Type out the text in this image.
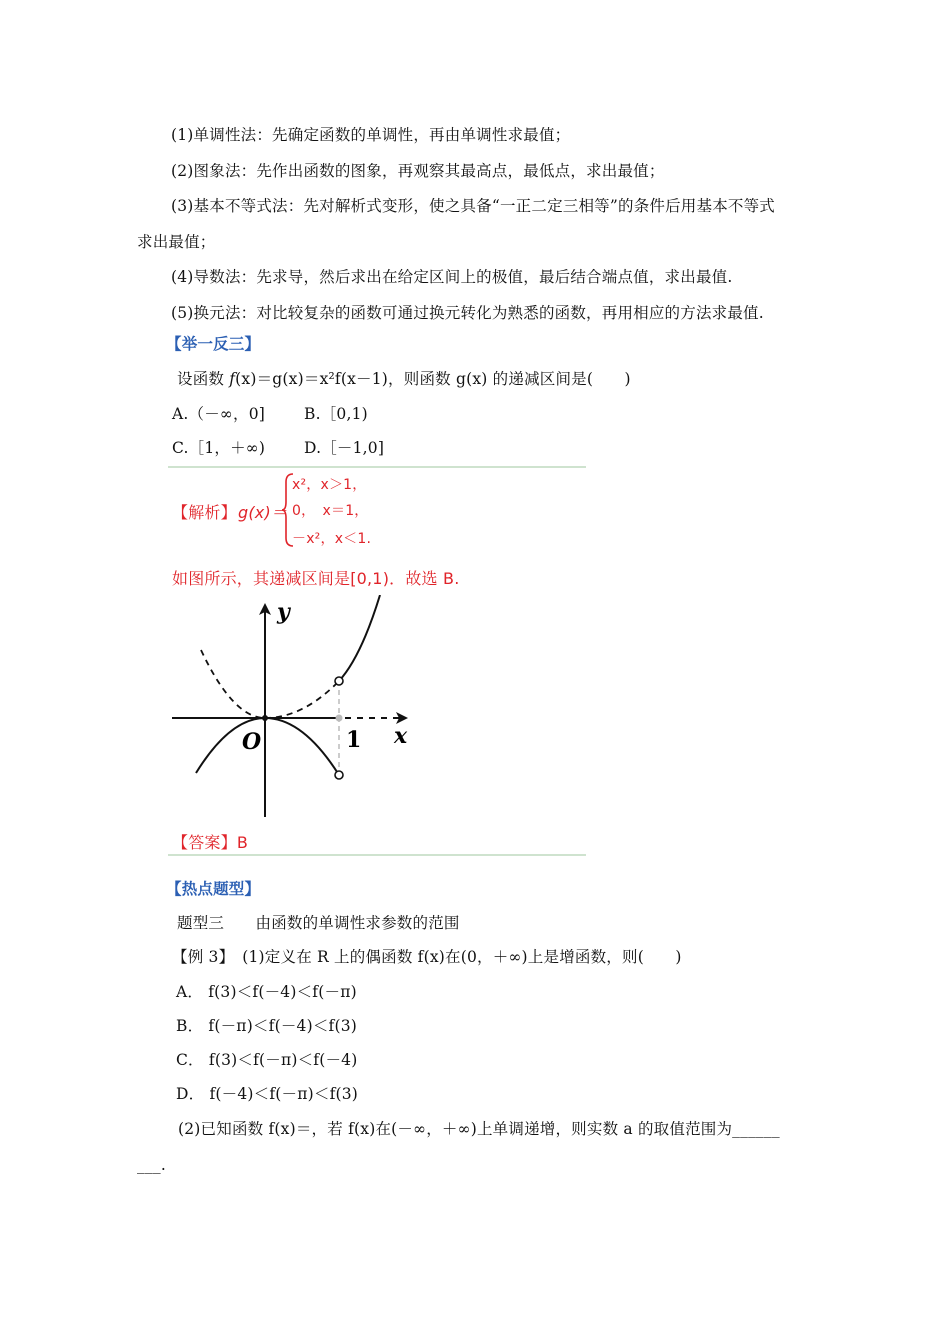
(1)单调性法：先确定函数的单调性，再由单调性求最值；
(2)图象法：先作出函数的图象，再观察其最高点，最低点，求出最值；
(3)基本不等式法：先对解析式变形，使之具备“一正二定三相等”的条件后用基本不等式
求出最值；
(4)导数法：先求导，然后求出在给定区间上的极值，最后结合端点值，求出最值.
(5)换元法：对比较复杂的函数可通过换元转化为熟悉的函数，再用相应的方法求最值.
【举一反三】
设函数 f(x)＝g(x)＝x²f(x－1)，则函数 g(x) 的递减区间是(　　)
A.（－∞，0]	B.［0,1)
C.［1，＋∞)	D.［－1,0]
【解析】 g(x)＝
x²，x＞1，
0，　x＝1，
－x²，x＜1.
如图所示，其递减区间是[0,1)．故选 B.
y
x
O	1
【答案】B
【热点题型】
题型三　　由函数的单调性求参数的范围
【例 3】　 (1)定义在 R 上的偶函数 f(x)在(0，＋∞)上是增函数，则(　　)
A． f(3)＜f(－4)＜f(－π)
B． f(－π)＜f(－4)＜f(3)
C． f(3)＜f(－π)＜f(－4)
D． f(－4)＜f(－π)＜f(3)
(2)已知函数 f(x)＝，若 f(x)在(－∞，＋∞)上单调递增，则实数 a 的取值范围为______
___.
